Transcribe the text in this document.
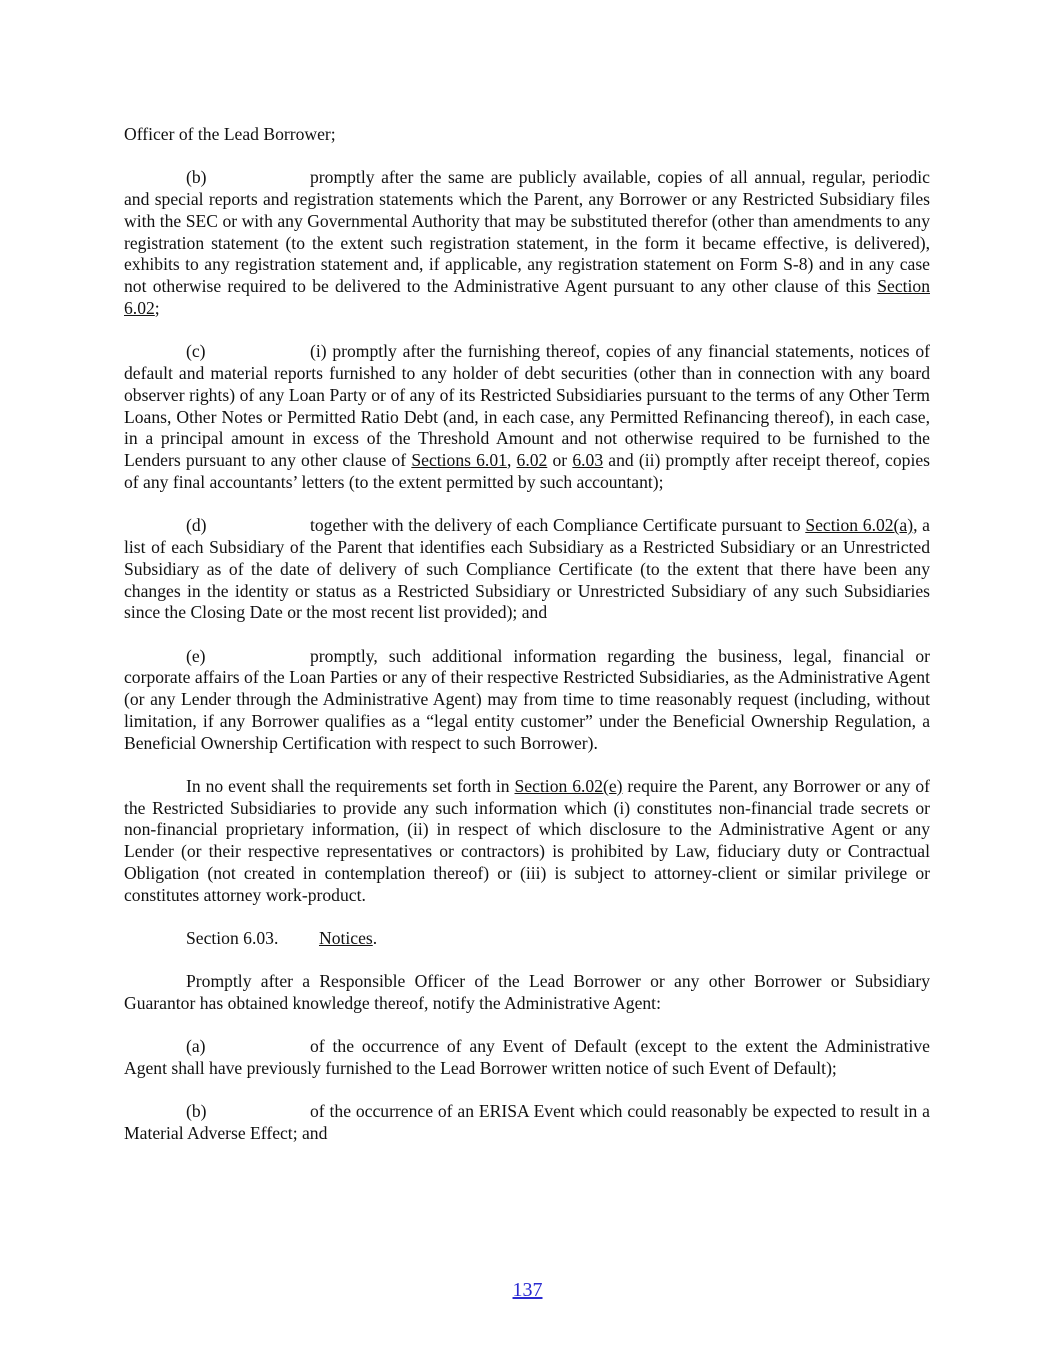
Officer of the Lead Borrower;

(b)	promptly after the same are publicly available, copies of all annual, regular, periodic and special reports and registration statements which the Parent, any Borrower or any Restricted Subsidiary files with the SEC or with any Governmental Authority that may be substituted therefor (other than amendments to any registration statement (to the extent such registration statement, in the form it became effective, is delivered), exhibits to any registration statement and, if applicable, any registration statement on Form S-8) and in any case not otherwise required to be delivered to the Administrative Agent pursuant to any other clause of this Section 6.02;

(c)	(i) promptly after the furnishing thereof, copies of any financial statements, notices of default and material reports furnished to any holder of debt securities (other than in connection with any board observer rights) of any Loan Party or of any of its Restricted Subsidiaries pursuant to the terms of any Other Term Loans, Other Notes or Permitted Ratio Debt (and, in each case, any Permitted Refinancing thereof), in each case, in a principal amount in excess of the Threshold Amount and not otherwise required to be furnished to the Lenders pursuant to any other clause of Sections 6.01, 6.02 or 6.03 and (ii) promptly after receipt thereof, copies of any final accountants’ letters (to the extent permitted by such accountant);

(d)	together with the delivery of each Compliance Certificate pursuant to Section 6.02(a), a list of each Subsidiary of the Parent that identifies each Subsidiary as a Restricted Subsidiary or an Unrestricted Subsidiary as of the date of delivery of such Compliance Certificate (to the extent that there have been any changes in the identity or status as a Restricted Subsidiary or Unrestricted Subsidiary of any such Subsidiaries since the Closing Date or the most recent list provided); and

(e)	promptly, such additional information regarding the business, legal, financial or corporate affairs of the Loan Parties or any of their respective Restricted Subsidiaries, as the Administrative Agent (or any Lender through the Administrative Agent) may from time to time reasonably request (including, without limitation, if any Borrower qualifies as a “legal entity customer” under the Beneficial Ownership Regulation, a Beneficial Ownership Certification with respect to such Borrower).

In no event shall the requirements set forth in Section 6.02(e) require the Parent, any Borrower or any of the Restricted Subsidiaries to provide any such information which (i) constitutes non-financial trade secrets or non-financial proprietary information, (ii) in respect of which disclosure to the Administrative Agent or any Lender (or their respective representatives or contractors) is prohibited by Law, fiduciary duty or Contractual Obligation (not created in contemplation thereof) or (iii) is subject to attorney-client or similar privilege or constitutes attorney work-product.

Section 6.03. Notices.

Promptly after a Responsible Officer of the Lead Borrower or any other Borrower or Subsidiary Guarantor has obtained knowledge thereof, notify the Administrative Agent:

(a)	of the occurrence of any Event of Default (except to the extent the Administrative Agent shall have previously furnished to the Lead Borrower written notice of such Event of Default);

(b)	of the occurrence of an ERISA Event which could reasonably be expected to result in a Material Adverse Effect; and

137
